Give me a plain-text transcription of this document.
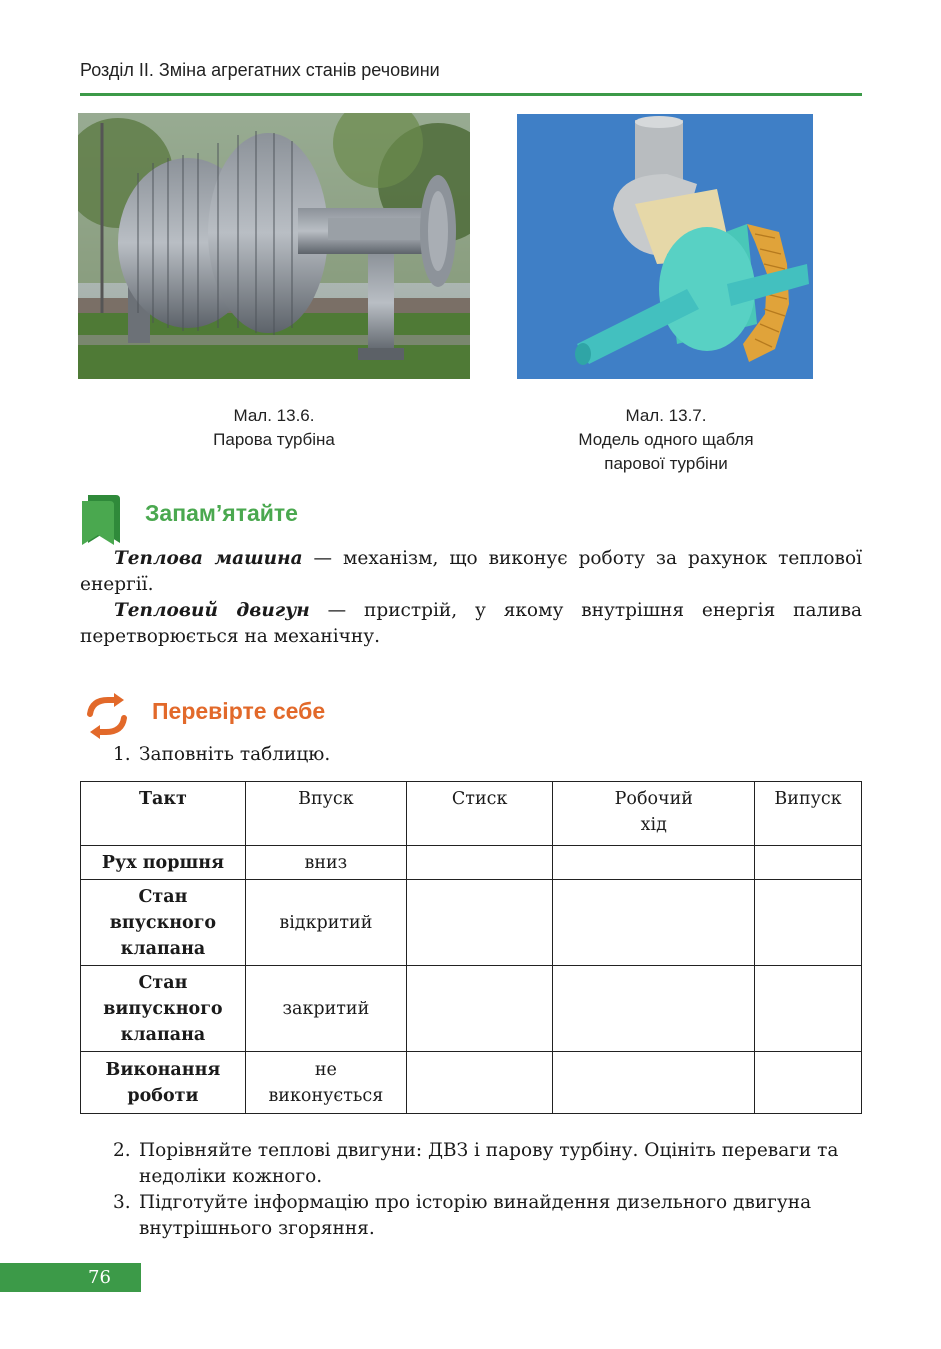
Розділ ІІ. Зміна агрегатних станів речовини
Мал. 13.6.
Парова турбіна
Мал. 13.7.
Модель одного щабля
парової турбіни
Запам’ятайте
Теплова машина — механізм, що виконує роботу за рахунок теплової енергії.
Тепловий двигун — пристрій, у якому внутрішня енергія палива перетворюється на механічну.
Перевірте себе
1. Заповніть таблицю.
Такт	Впуск	Стиск	Робочий хід	Випуск
Рух поршня	вниз			
Стан впускного клапана	відкритий			
Стан випускного клапана	закритий			
Виконання роботи	не виконується			
2. Порівняйте теплові двигуни: ДВЗ і парову турбіну. Оцініть переваги та недоліки кожного.
3. Підготуйте інформацію про історію винайдення дизельного двигуна внутрішнього згоряння.
76
